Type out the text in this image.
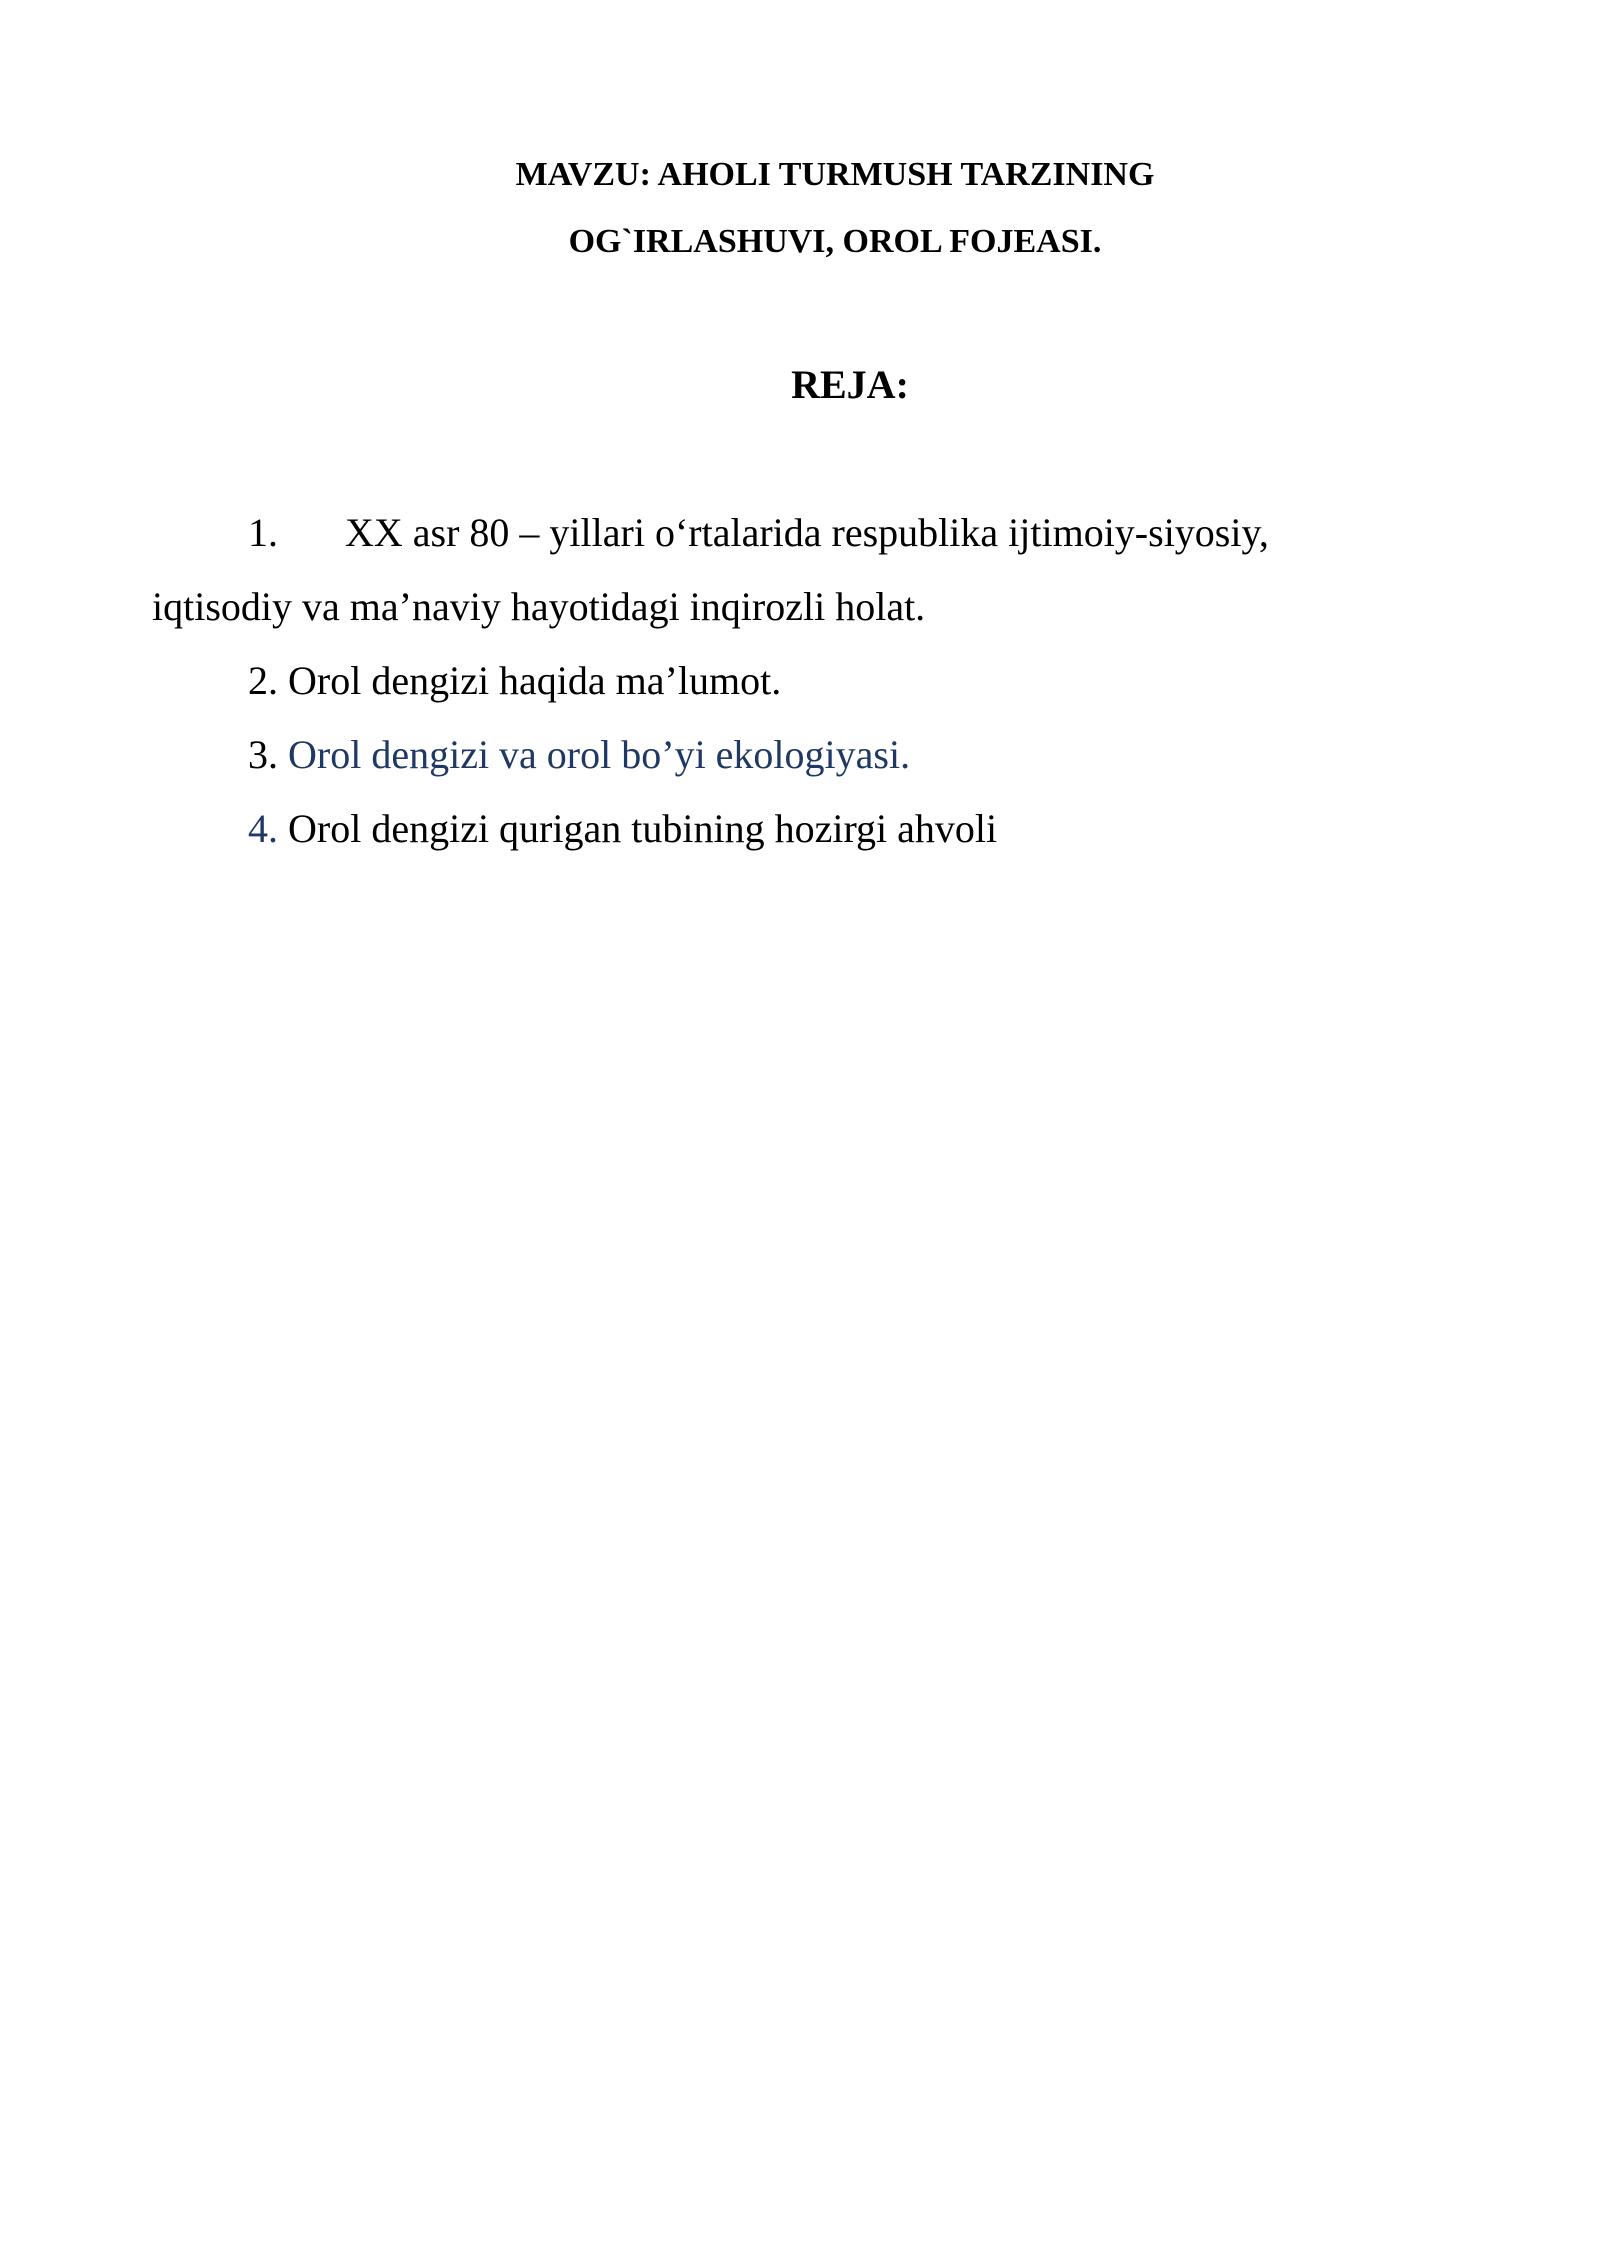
MAVZU: AHOLI TURMUSH TARZINING
OG`IRLASHUVI, OROL FOJEASI.
REJA:
1. XX asr 80 – yillari o‘rtalarida respublika ijtimoiy-siyosiy,
iqtisodiy va ma’naviy hayotidagi inqirozli holat.
2. Orol dengizi haqida ma’lumot.
3. Orol dengizi va orol bo’yi ekologiyasi.
4. Orol dengizi qurigan tubining hozirgi ahvoli
